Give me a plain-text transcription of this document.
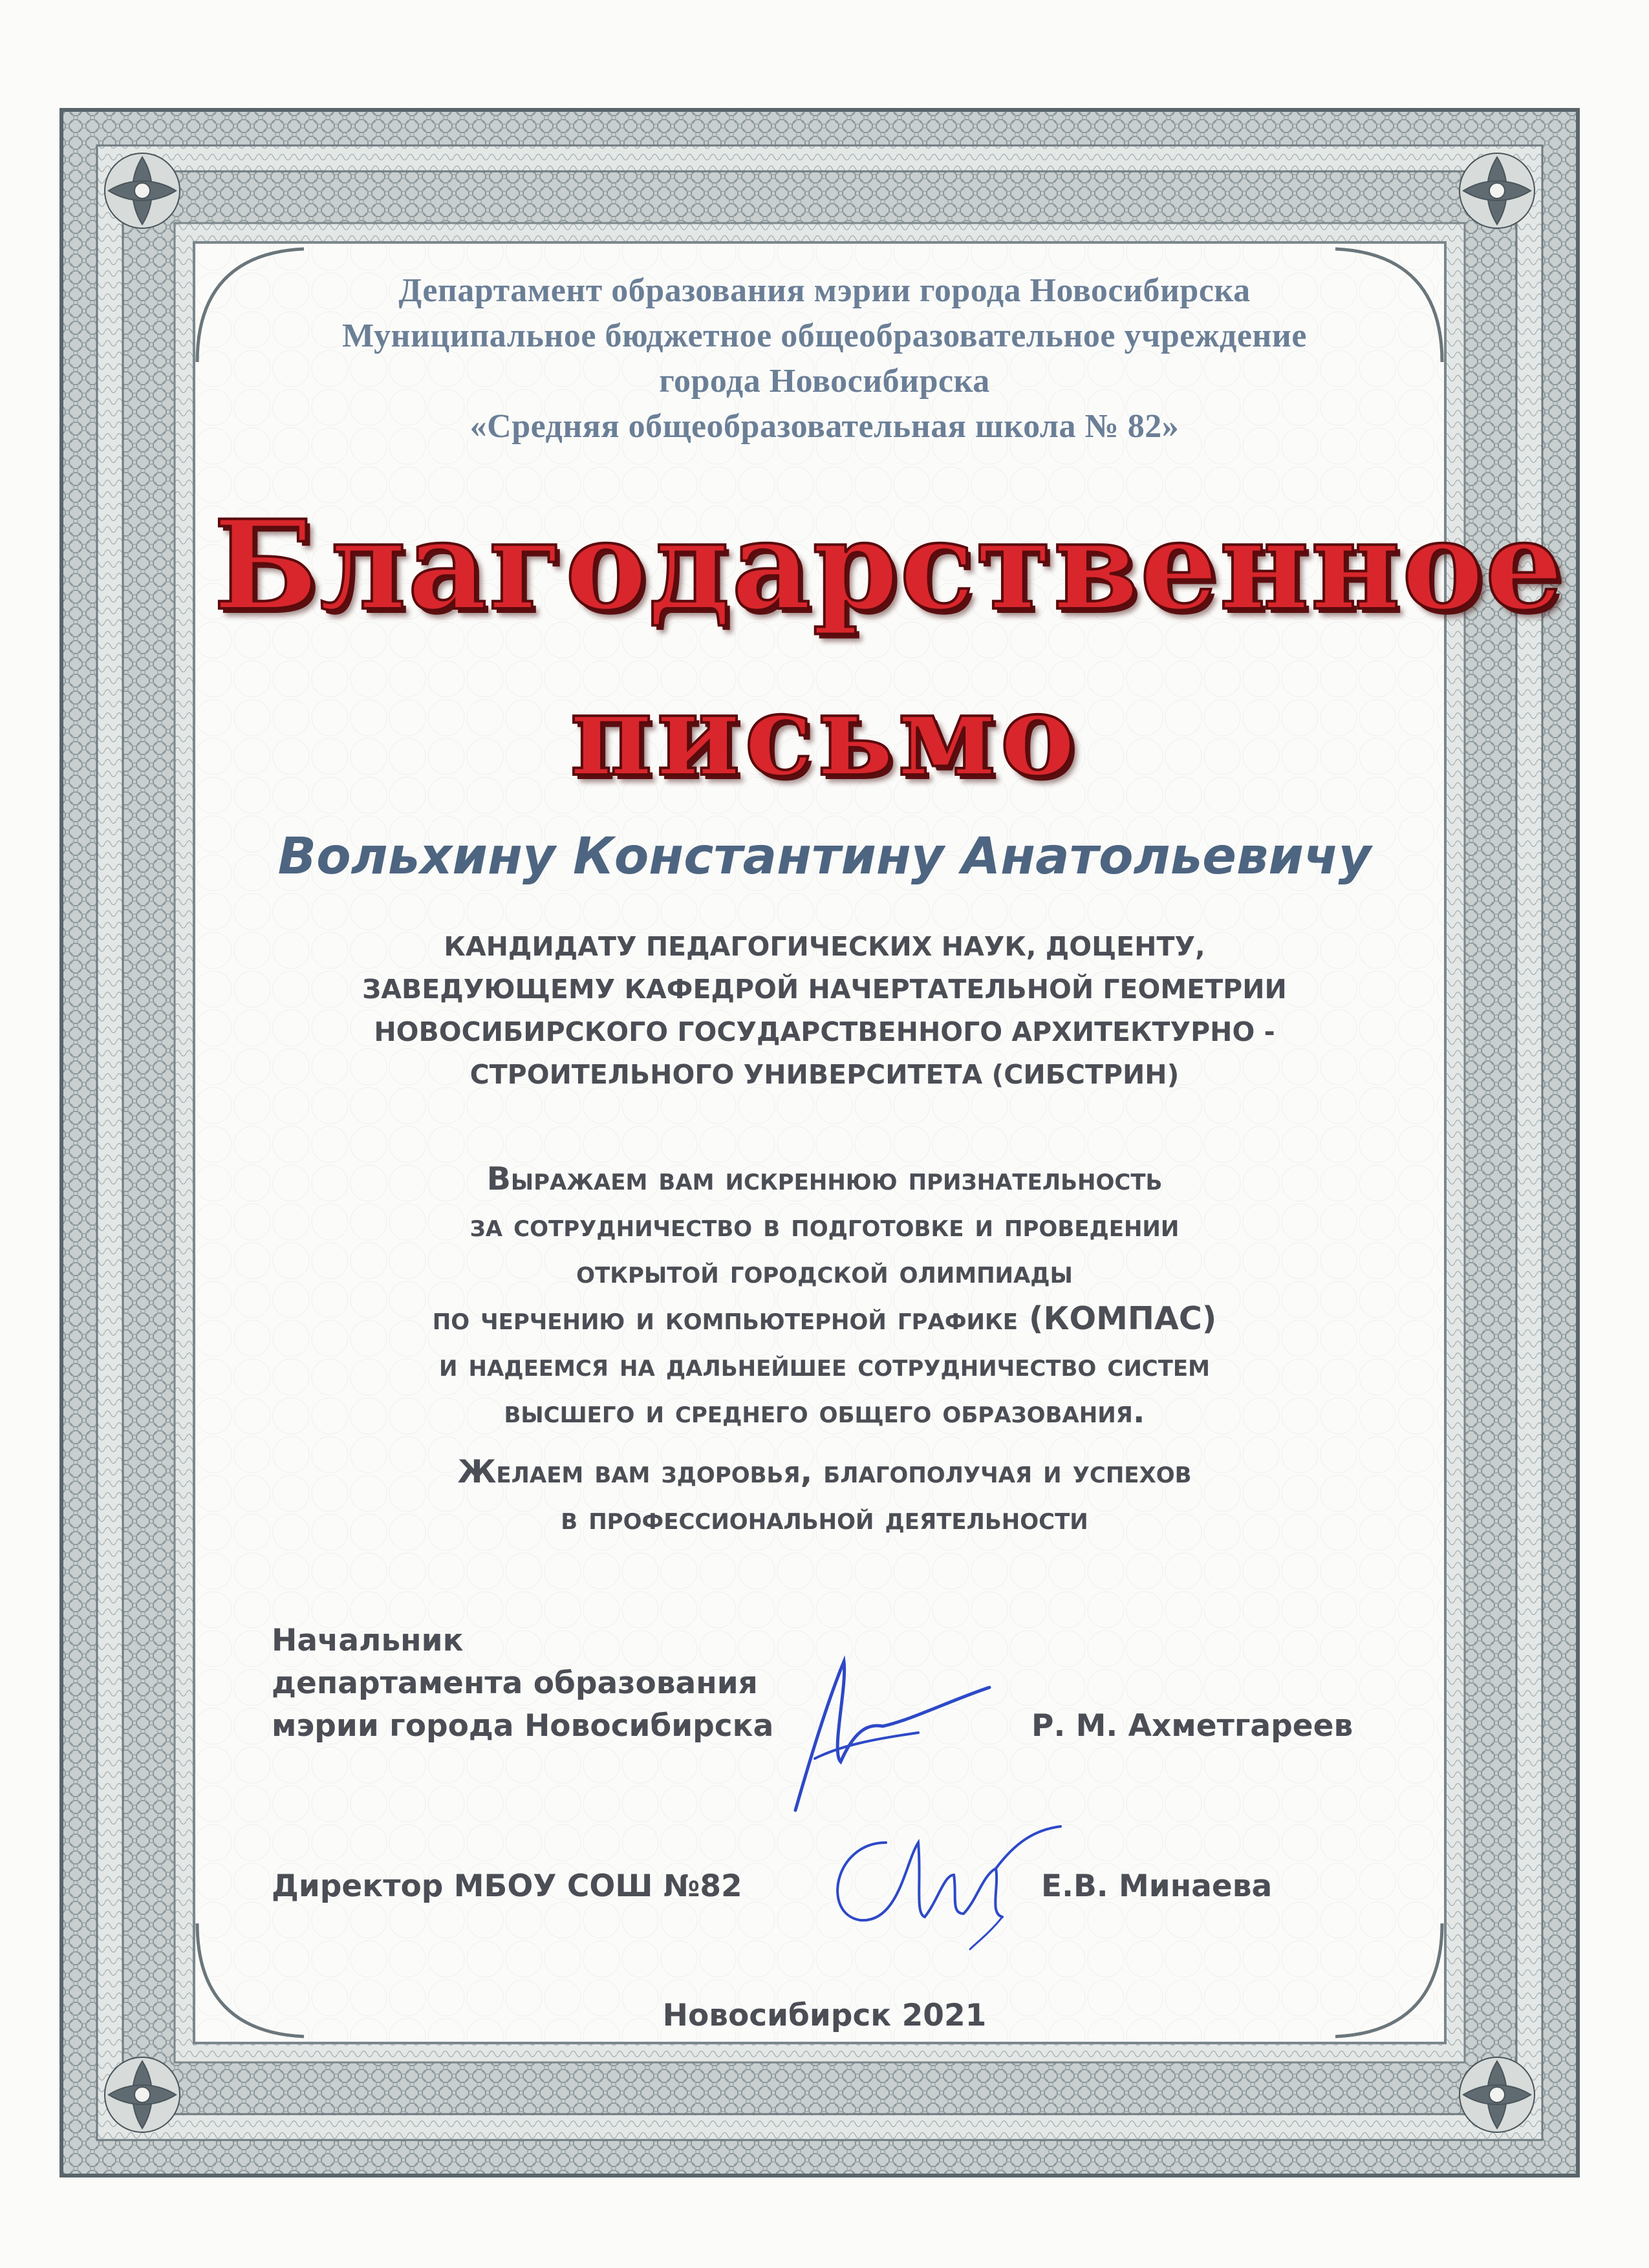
Департамент образования мэрии города Новосибирска
Муниципальное бюджетное общеобразовательное учреждение
города Новосибирска
«Средняя общеобразовательная школа № 82»
Благодарственное
письмо
Вольхину Константину Анатольевичу
КАНДИДАТУ ПЕДАГОГИЧЕСКИХ НАУК, ДОЦЕНТУ,
ЗАВЕДУЮЩЕМУ КАФЕДРОЙ НАЧЕРТАТЕЛЬНОЙ ГЕОМЕТРИИ
НОВОСИБИРСКОГО ГОСУДАРСТВЕННОГО АРХИТЕКТУРНО -
СТРОИТЕЛЬНОГО УНИВЕРСИТЕТА (СИБСТРИН)
Выражаем вам искреннюю признательность
за сотрудничество в подготовке и проведении
открытой городской олимпиады
по черчению и компьютерной графике (КОМПАС)
и надеемся на дальнейшее сотрудничество систем
высшего и среднего общего образования.
Желаем вам здоровья, благополучая и успехов
в профессиональной деятельности
Начальник
департамента образования
мэрии города Новосибирска	Р. М. Ахметгареев
Директор МБОУ СОШ №82	Е.В. Минаева
Новосибирск 2021
